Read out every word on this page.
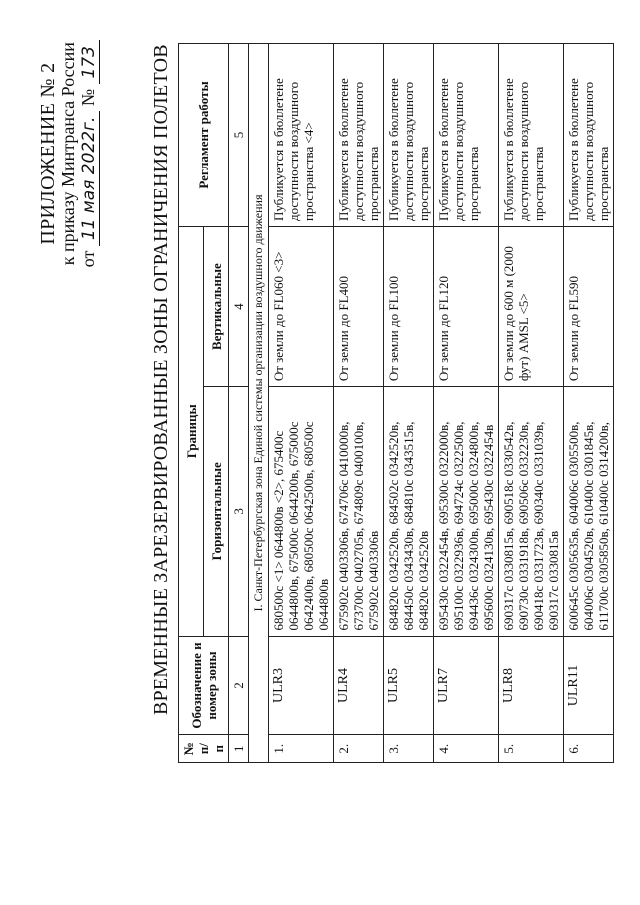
ПРИЛОЖЕНИЕ № 2 к приказу Минтранса России от 11 мая 2022г. № 173	ВРЕМЕННЫЕ ЗАРЕЗЕРВИРОВАННЫЕ ЗОНЫ ОГРАНИЧЕНИЯ ПОЛЕТОВ
№ п/п	Обозначение и номер зоны	Границы		Регламент работы
		Горизонтальные	Вертикальные	
1	2	3	4	5
I. Санкт-Петербургская зона Единой системы организации воздушного движения				
1.	ULR3	680500с <1> 0644800в <2>, 675400с 0644800в, 675000с 0644200в, 675000с 0642400в, 680500с 0642500в, 680500с 0644800в	От земли до FL060 <3>	Публикуется в бюллетене доступности воздушного пространства <4>
2.	ULR4	675902с 0403306в, 674706с 0410000в, 673700с 0402705в, 674809с 0400100в, 675902с 0403306в	От земли до FL400	Публикуется в бюллетене доступности воздушного пространства
3.	ULR5	684820с 0342520в, 684502с 0342520в, 684450с 0343430в, 684810с 0343515в, 684820с 0342520в	От земли до FL100	Публикуется в бюллетене доступности воздушного пространства
4.	ULR7	695430с 0322454в, 695300с 0322000в, 695100с 0322936в, 694724с 0322500в, 694436с 0324300в, 695000с 0324800в, 695600с 0324130в, 695430с 0322454в	От земли до FL120	Публикуется в бюллетене доступности воздушного пространства
5.	ULR8	690317с 0330815в, 690518с 0330542в, 690730с 0331918в, 690506с 0332230в, 690418с 0331723в, 690340с 0331039в, 690317с 0330815в	От земли до 600 м (2000 фут) AMSL <5>	Публикуется в бюллетене доступности воздушного пространства
6.	ULR11	600645с 0305635в, 604006с 0305500в, 604006с 0304520в, 610400с 0301845в, 611700с 0305850в, 610400с 0314200в,	От земли до FL590	Публикуется в бюллетене доступности воздушного пространства
